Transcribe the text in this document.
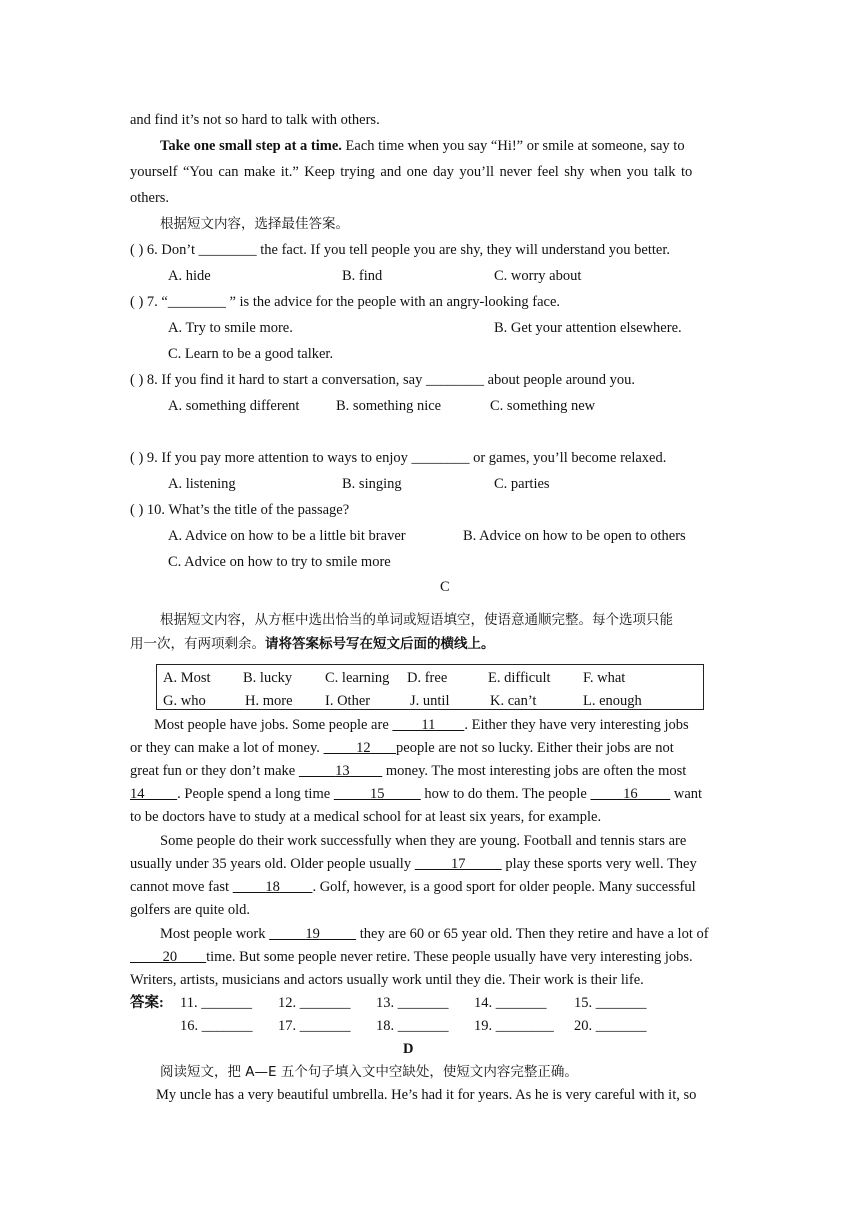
and find it’s not so hard to talk with others.
Take one small step at a time. Each time when you say “Hi!” or smile at someone, say to
yourself “You can make it.” Keep trying and one day you’ll never feel shy when you talk to
others.
根据短文内容，选择最佳答案。
( ) 6. Don’t ________ the fact. If you tell people you are shy, they will understand you better.
A. hide	B. find	C. worry about
( ) 7. “________ ” is the advice for the people with an angry-looking face.
A. Try to smile more.	B. Get your attention elsewhere.
C. Learn to be a good talker.
( ) 8. If you find it hard to start a conversation, say ________ about people around you.
A. something different	B. something nice	C. something new
( ) 9. If you pay more attention to ways to enjoy ________ or games, you’ll become relaxed.
A. listening	B. singing	C. parties
( ) 10. What’s the title of the passage?
A. Advice on how to be a little bit braver	B. Advice on how to be open to others
C. Advice on how to try to smile more
C
根据短文内容，从方框中选出恰当的单词或短语填空，使语意通顺完整。每个选项只能
用一次，有两项剩余。请将答案标号写在短文后面的横线上。
A. Most B. lucky C. learning D. free	E. difficult F. what
G. who	H. more I. Other	J. until	K. can’t	L. enough
Most people have jobs. Some people are         11 . Either they have very interesting jobs
or they can make a lot of money.          12 people are not so lucky. Either their jobs are not
great fun or they don’t make	13          money. The most interesting jobs are often the most
14 . People spend a long time	15	how to do them. The people          16          want
to be doctors have to study at a medical school for at least six years, for example.
Some people do their work successfully when they are young. Football and tennis stars are
usually under 35 years old. Older people usually	17	play these sports very well. They
cannot move fast          18 . Golf, however, is a good sport for older people. Many successful
golfers are quite old.
Most people work	19	they are 60 or 65 year old. Then they retire and have a lot of
20 time. But some people never retire. These people usually have very interesting jobs.
Writers, artists, musicians and actors usually work until they die. Their work is their life.
答案: 11. _______ 12. _______ 13. _______ 14. _______ 15. _______
16. _______ 17. _______ 18. _______ 19. ________ 20. _______
D
阅读短文，把 A—E 五个句子填入文中空缺处，使短文内容完整正确。
My uncle has a very beautiful umbrella. He’s had it for years. As he is very careful with it, so
